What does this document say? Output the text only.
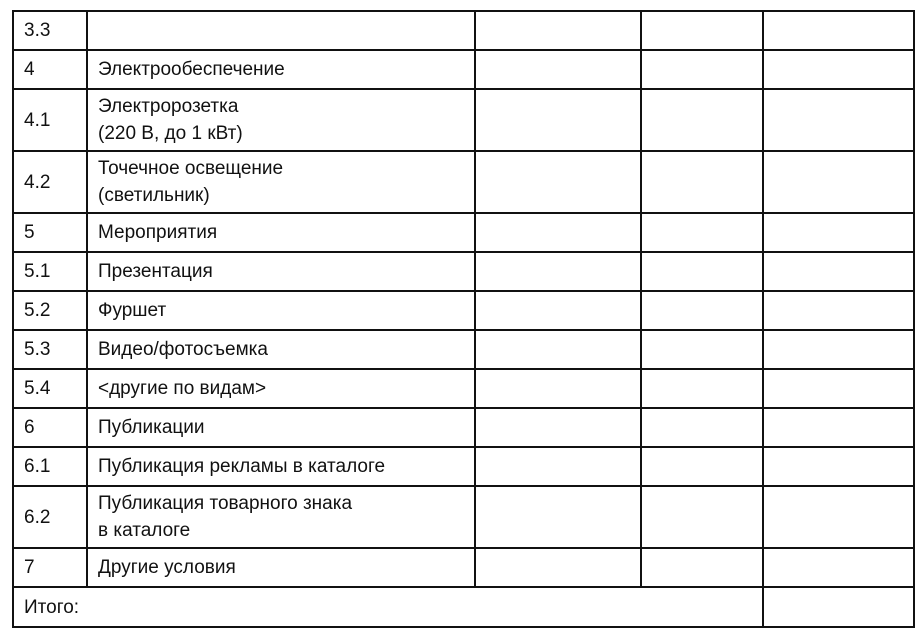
3.3	

4	Электрообеспечение			

4.1	Электророзетка
(220 В, до 1 кВт)			

4.2	Точечное освещение
(светильник)			

5	Мероприятия			

5.1	Презентация			

5.2	Фуршет			

5.3	Видео/фотосъемка			

5.4	<другие по видам>			

6	Публикации			

6.1	Публикация рекламы в каталоге			

6.2	Публикация товарного знака
в каталоге			

7	Другие условия			

Итого:				
